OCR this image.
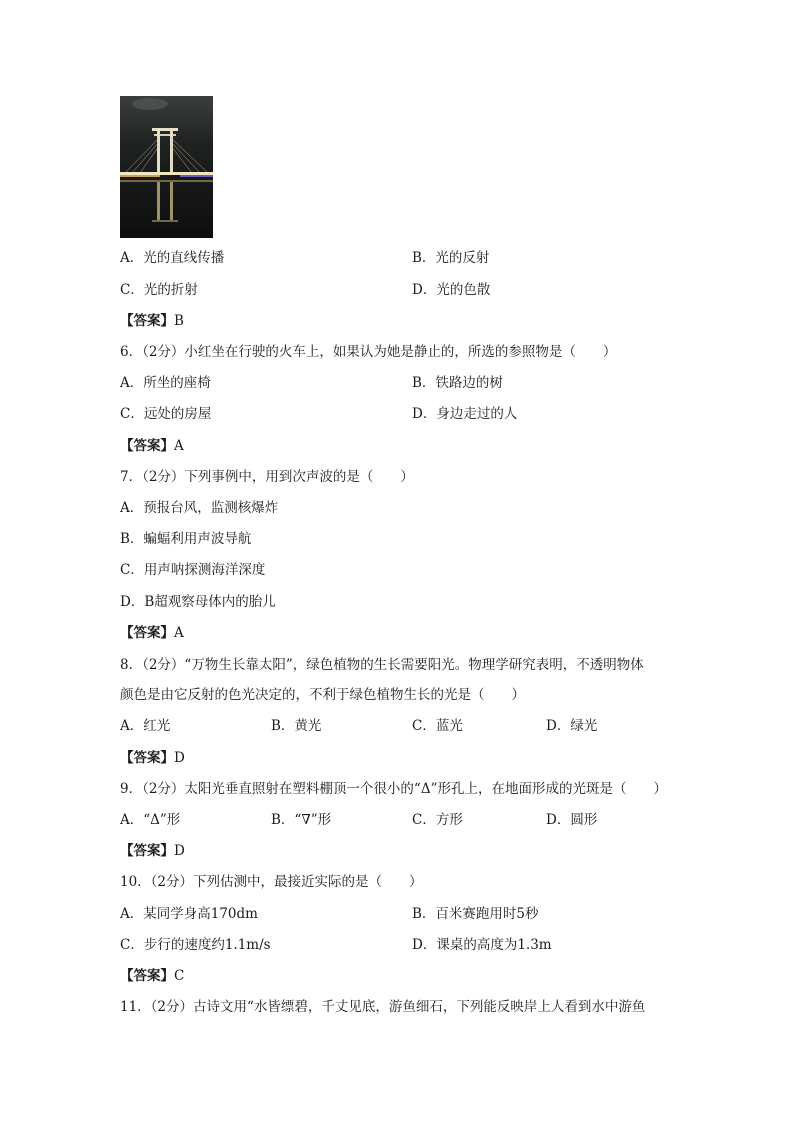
A．光的直线传播	B．光的反射
C．光的折射	D．光的色散
【答案】B
6．（2分）小红坐在行驶的火车上，如果认为她是静止的，所选的参照物是（　　）
A．所坐的座椅	B．铁路边的树
C．远处的房屋	D．身边走过的人
【答案】A
7．（2分）下列事例中，用到次声波的是（　　）
A．预报台风，监测核爆炸
B．蝙蝠利用声波导航
C．用声呐探测海洋深度
D．B超观察母体内的胎儿
【答案】A
8．（2分）“万物生长靠太阳”，绿色植物的生长需要阳光。物理学研究表明，不透明物体
颜色是由它反射的色光决定的，不利于绿色植物生长的光是（　　）
A．红光	B．黄光	C．蓝光	D．绿光
【答案】D
9．（2分）太阳光垂直照射在塑料棚顶一个很小的“Δ”形孔上，在地面形成的光斑是（　　）
A．“Δ”形	B．“∇”形	C．方形	D．圆形
【答案】D
10．（2分）下列估测中，最接近实际的是（　　）
A．某同学身高170dm	B．百米赛跑用时5秒
C．步行的速度约1.1m/s	D．课桌的高度为1.3m
【答案】C
11．（2分）古诗文用“水皆缥碧，千丈见底，游鱼细石，下列能反映岸上人看到水中游鱼
